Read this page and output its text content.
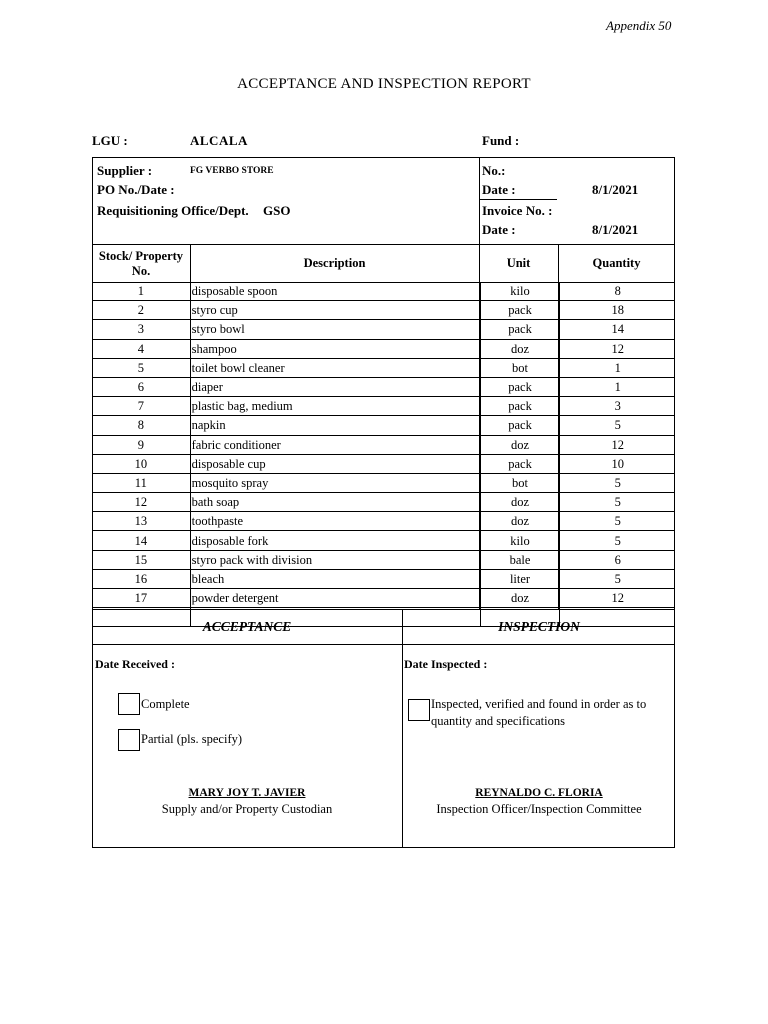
Appendix 50
ACCEPTANCE AND INSPECTION REPORT
LGU :	ALCALA	Fund :
Supplier :	FG VERBO STORE
PO No./Date :
Requisitioning Office/Dept. GSO
No.:
Date :	8/1/2021
Invoice No. :
Date :	8/1/2021
Stock/ Property
No.
Description	Unit	Quantity
1	disposable spoon	kilo	8
2	styro cup	pack	18
3	styro bowl	pack	14
4	shampoo	doz	12
5	toilet bowl cleaner	bot	1
6	diaper	pack	1
7	plastic bag, medium	pack	3
8	napkin	pack	5
9	fabric conditioner	doz	12
10	disposable cup	pack	10
11	mosquito spray	bot	5
12	bath soap	doz	5
13	toothpaste	doz	5
14	disposable fork	kilo	5
15	styro pack with division	bale	6
16	bleach	liter	5
17	powder detergent	doz	12

ACCEPTANCE	INSPECTION
Date Received :	Date Inspected :
Complete
Partial (pls. specify)
Inspected, verified and found in order as to
quantity and specifications
MARY JOY T. JAVIER
Supply and/or Property Custodian
REYNALDO C. FLORIA
Inspection Officer/Inspection Committee
